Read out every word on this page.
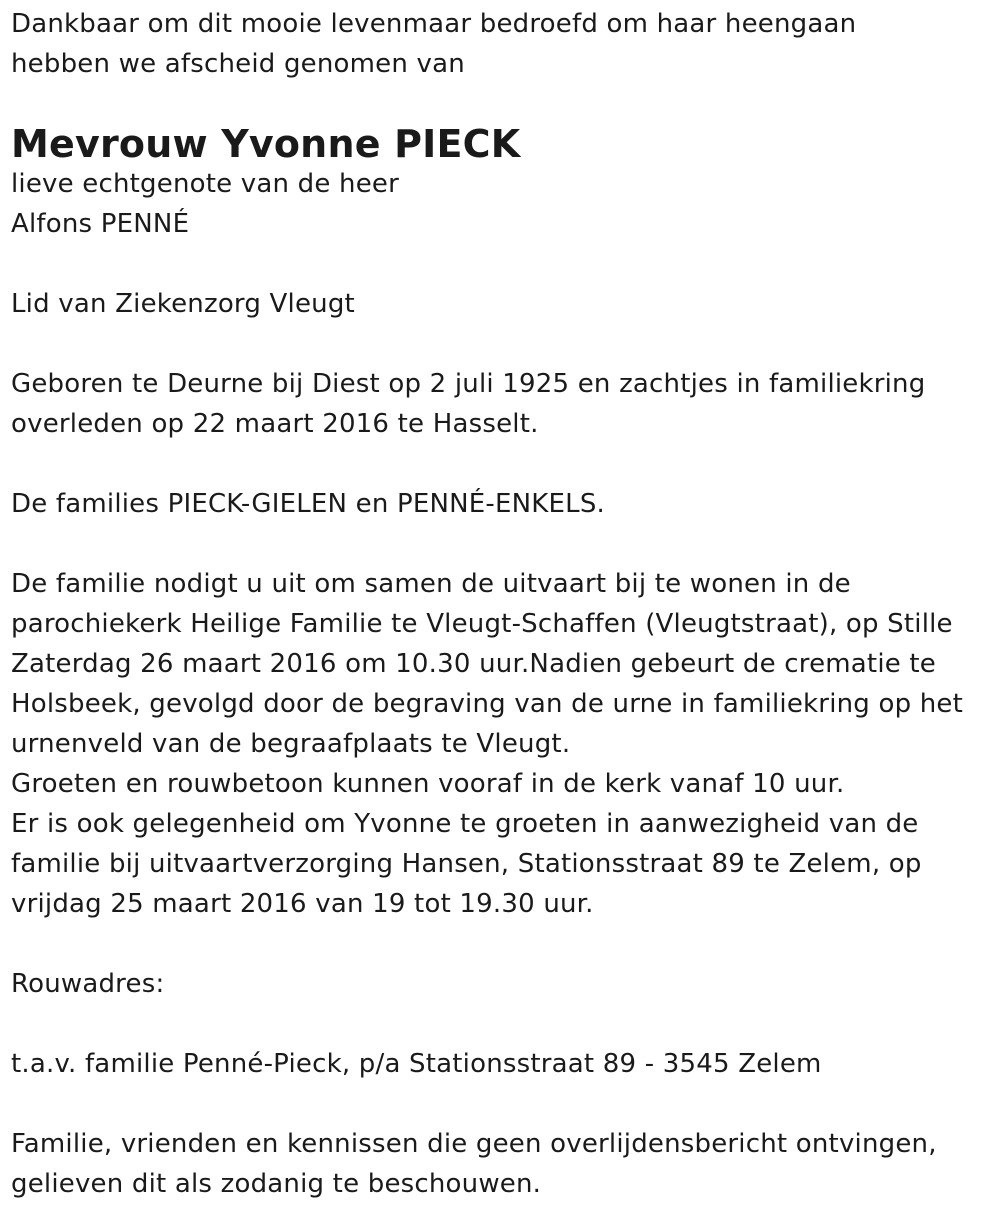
Dankbaar om dit mooie levenmaar bedroefd om haar heengaan
hebben we afscheid genomen van

Mevrouw Yvonne PIECK

lieve echtgenote van de heer
Alfons PENNÉ

Lid van Ziekenzorg Vleugt

Geboren te Deurne bij Diest op 2 juli 1925 en zachtjes in familiekring
overleden op 22 maart 2016 te Hasselt.

De families PIECK-GIELEN en PENNÉ-ENKELS.

De familie nodigt u uit om samen de uitvaart bij te wonen in de
parochiekerk Heilige Familie te Vleugt-Schaffen (Vleugtstraat), op Stille
Zaterdag 26 maart 2016 om 10.30 uur.Nadien gebeurt de crematie te
Holsbeek, gevolgd door de begraving van de urne in familiekring op het
urnenveld van de begraafplaats te Vleugt.
Groeten en rouwbetoon kunnen vooraf in de kerk vanaf 10 uur.
Er is ook gelegenheid om Yvonne te groeten in aanwezigheid van de
familie bij uitvaartverzorging Hansen, Stationsstraat 89 te Zelem, op
vrijdag 25 maart 2016 van 19 tot 19.30 uur.

Rouwadres:

t.a.v. familie Penné-Pieck, p/a Stationsstraat 89 - 3545 Zelem

Familie, vrienden en kennissen die geen overlijdensbericht ontvingen,
gelieven dit als zodanig te beschouwen.
